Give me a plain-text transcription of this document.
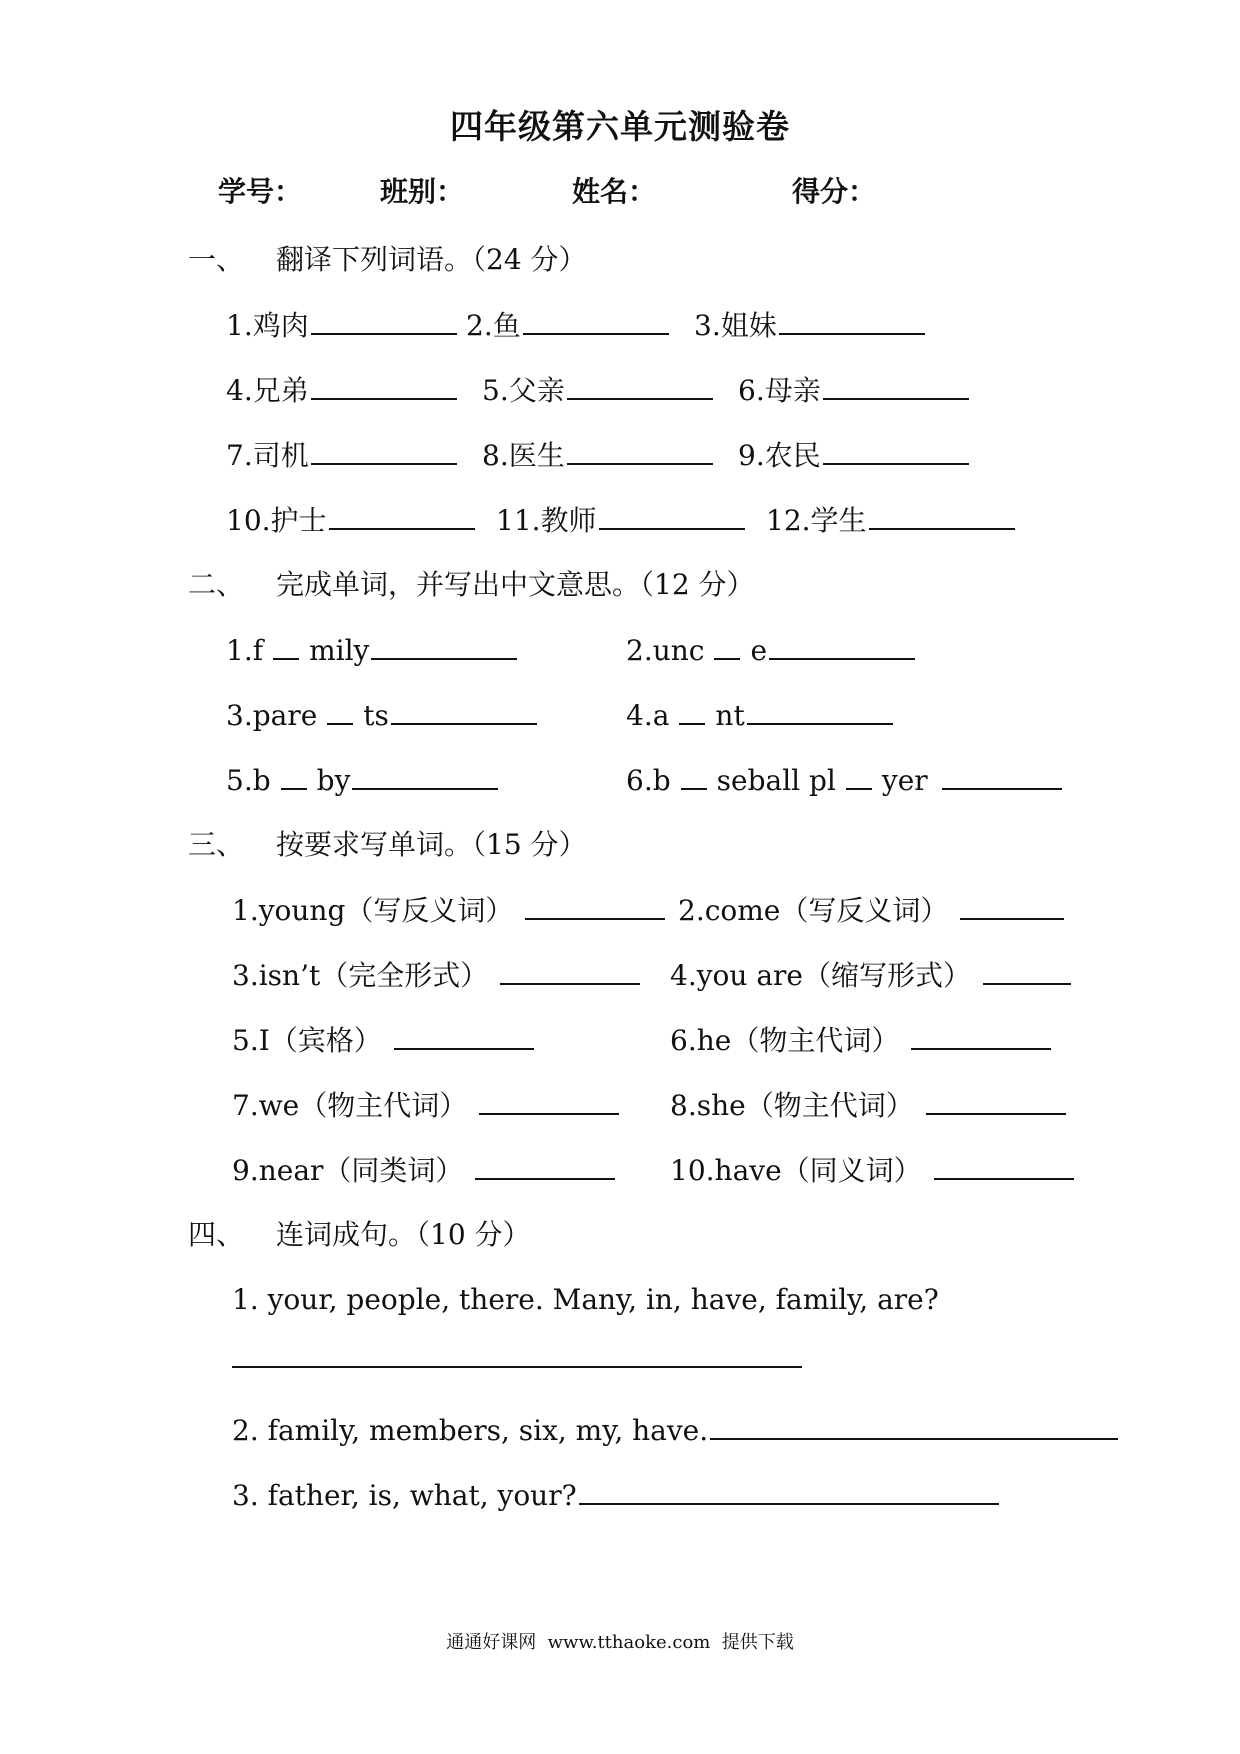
四年级第六单元测验卷
学号：	班别：	姓名：	得分：
一、 翻译下列词语。（24 分）
1.鸡肉	2.鱼	3.姐妹
4.兄弟	5.父亲	6.母亲
7.司机	8.医生	9.农民
10.护士	11.教师	12.学生
二、 完成单词，并写出中文意思。（12 分）
1.f mily	2.unc e
3.pare ts	4.a nt
5.b by	6.b seball pl yer
三、 按要求写单词。（15 分）
1.young（写反义词）	2.come（写反义词）
3.isn’t（完全形式）	4.you are（缩写形式）
5.I（宾格）	6.he（物主代词）
7.we（物主代词）	8.she（物主代词）
9.near（同类词）	10.have（同义词）
四、 连词成句。（10 分）
1. your, people, there. Many, in, have, family, are?
2. family, members, six, my, have.
3. father, is, what, your?
通通好课网  www.tthaoke.com  提供下载
